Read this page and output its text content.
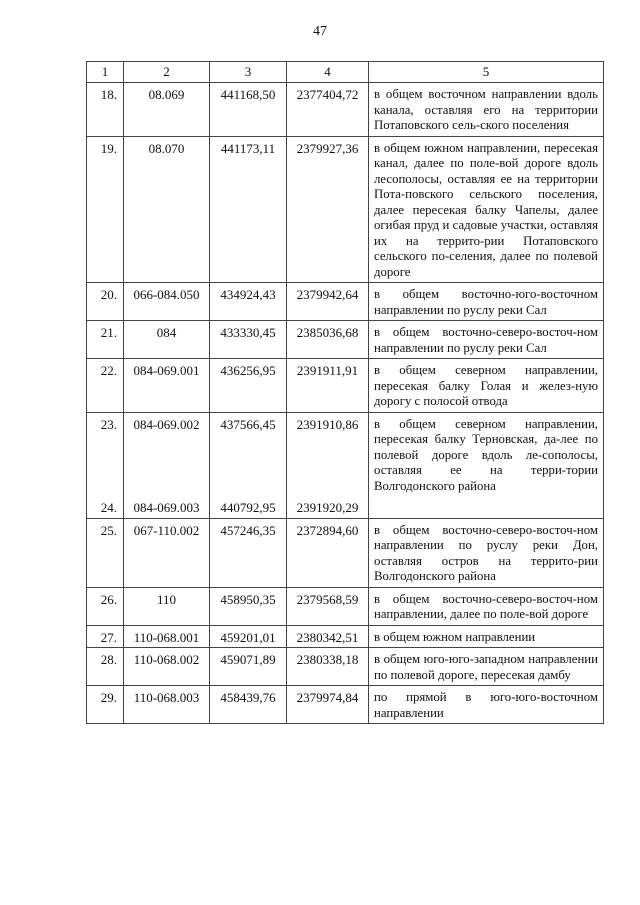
47
1	2	3	4	5
18.	08.069	441168,50	2377404,72	в общем восточном направлении вдоль канала, оставляя его на территории Потаповского сель-ского поселения
19.	08.070	441173,11	2379927,36	в общем южном направлении, пересекая канал, далее по поле-вой дороге вдоль лесополосы, оставляя ее на территории Пота-повского сельского поселения, далее пересекая балку Чапелы, далее огибая пруд и садовые участки, оставляя их на террито-рии Потаповского сельского по-селения, далее по полевой дороге
20.	066-084.050	434924,43	2379942,64	в общем восточно-юго-восточном направлении по руслу реки Сал
21.	084	433330,45	2385036,68	в общем восточно-северо-восточ-ном направлении по руслу реки Сал
22.	084-069.001	436256,95	2391911,91	в общем северном направлении, пересекая балку Голая и желез-ную дорогу с полосой отвода
23.	084-069.002	437566,45	2391910,86	в общем северном направлении, пересекая балку Терновская, да-лее по полевой дороге вдоль ле-сополосы, оставляя ее на терри-тории Волгодонского района
24.	084-069.003	440792,95	2391920,29	
25.	067-110.002	457246,35	2372894,60	в общем восточно-северо-восточ-ном направлении по руслу реки Дон, оставляя остров на террито-рии Волгодонского района
26.	110	458950,35	2379568,59	в общем восточно-северо-восточ-ном направлении, далее по поле-вой дороге
27.	110-068.001	459201,01	2380342,51	в общем южном направлении
28.	110-068.002	459071,89	2380338,18	в общем юго-юго-западном направлении по полевой дороге, пересекая дамбу
29.	110-068.003	458439,76	2379974,84	по прямой в юго-юго-восточном направлении
